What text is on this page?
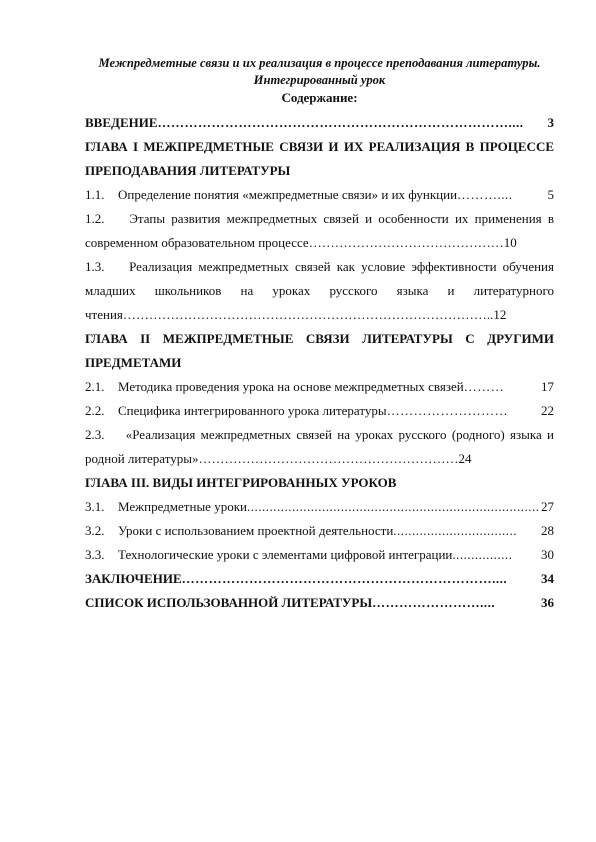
Межпредметные связи и их реализация в процессе преподавания литературы. Интегрированный урок
Содержание:
ВВЕДЕНИЕ ……………………………………………………………………....	3
ГЛАВА I МЕЖПРЕДМЕТНЫЕ СВЯЗИ И ИХ РЕАЛИЗАЦИЯ В ПРОЦЕССЕ ПРЕПОДАВАНИЯ ЛИТЕРАТУРЫ
1.1.	Определение понятия «межпредметные связи» и их функции ………....	5
1.2. Этапы развития межпредметных связей и особенности их применения в современном образовательном процессе………………………………………10
1.3. Реализация межпредметных связей как условие эффективности обучения младших школьников на уроках русского языка и литературного чтения…………………………………………………………………………..12
ГЛАВА II МЕЖПРЕДМЕТНЫЕ СВЯЗИ ЛИТЕРАТУРЫ С ДРУГИМИ ПРЕДМЕТАМИ
2.1.	Методика проведения урока на основе межпредметных связей ………	17
2.2.	Специфика интегрированного урока литературы ………………………	22
2.3. «Реализация межпредметных связей на уроках русского (родного) языка и родной литературы»……………………………………………………24
ГЛАВА III. ВИДЫ ИНТЕГРИРОВАННЫХ УРОКОВ
3.1.	Межпредметные уроки .............................................................................. 27
3.2.	Уроки с использованием проектной деятельности .................................	28
3.3.	Технологические уроки с элементами цифровой интеграции ................	30
ЗАКЛЮЧЕНИЕ ……………………………………………………………....	34
СПИСОК ИСПОЛЬЗОВАННОЙ ЛИТЕРАТУРЫ ……………………....	36
